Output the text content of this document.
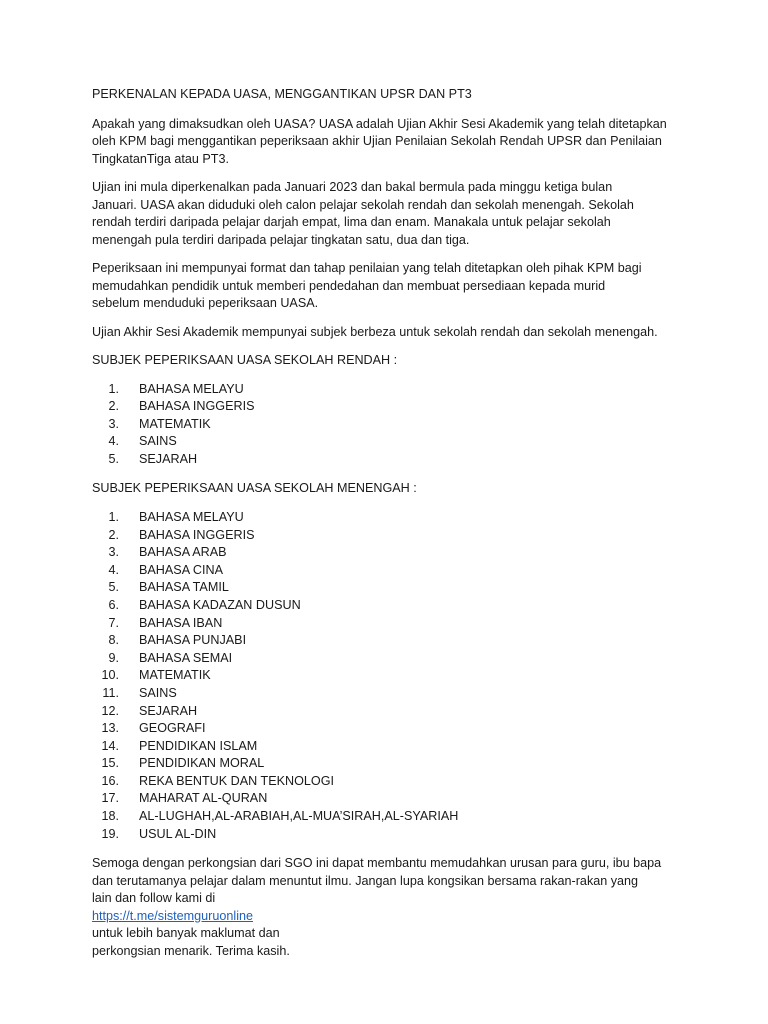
PERKENALAN KEPADA UASA, MENGGANTIKAN UPSR DAN PT3

Apakah yang dimaksudkan oleh UASA? UASA adalah Ujian Akhir Sesi Akademik yang telah ditetapkan
oleh KPM bagi menggantikan peperiksaan akhir Ujian Penilaian Sekolah Rendah UPSR dan Penilaian
TingkatanTiga atau PT3.

Ujian ini mula diperkenalkan pada Januari 2023 dan bakal bermula pada minggu ketiga bulan
Januari. UASA akan diduduki oleh calon pelajar sekolah rendah dan sekolah menengah. Sekolah
rendah terdiri daripada pelajar darjah empat, lima dan enam. Manakala untuk pelajar sekolah
menengah pula terdiri daripada pelajar tingkatan satu, dua dan tiga.

Peperiksaan ini mempunyai format dan tahap penilaian yang telah ditetapkan oleh pihak KPM bagi
memudahkan pendidik untuk memberi pendedahan dan membuat persediaan kepada murid
sebelum menduduki peperiksaan UASA.

Ujian Akhir Sesi Akademik mempunyai subjek berbeza untuk sekolah rendah dan sekolah menengah.

SUBJEK PEPERIKSAAN UASA SEKOLAH RENDAH :

1. BAHASA MELAYU
2. BAHASA INGGERIS
3. MATEMATIK
4. SAINS
5. SEJARAH

SUBJEK PEPERIKSAAN UASA SEKOLAH MENENGAH :

1. BAHASA MELAYU
2. BAHASA INGGERIS
3. BAHASA ARAB
4. BAHASA CINA
5. BAHASA TAMIL
6. BAHASA KADAZAN DUSUN
7. BAHASA IBAN
8. BAHASA PUNJABI
9. BAHASA SEMAI
10. MATEMATIK
11. SAINS
12. SEJARAH
13. GEOGRAFI
14. PENDIDIKAN ISLAM
15. PENDIDIKAN MORAL
16. REKA BENTUK DAN TEKNOLOGI
17. MAHARAT AL-QURAN
18. AL-LUGHAH,AL-ARABIAH,AL-MUA’SIRAH,AL-SYARIAH
19. USUL AL-DIN

Semoga dengan perkongsian dari SGO ini dapat membantu memudahkan urusan para guru, ibu bapa
dan terutamanya pelajar dalam menuntut ilmu. Jangan lupa kongsikan bersama rakan-rakan yang
lain dan follow kami di
https://t.me/sistemguruonline
untuk lebih banyak maklumat dan
perkongsian menarik. Terima kasih.
